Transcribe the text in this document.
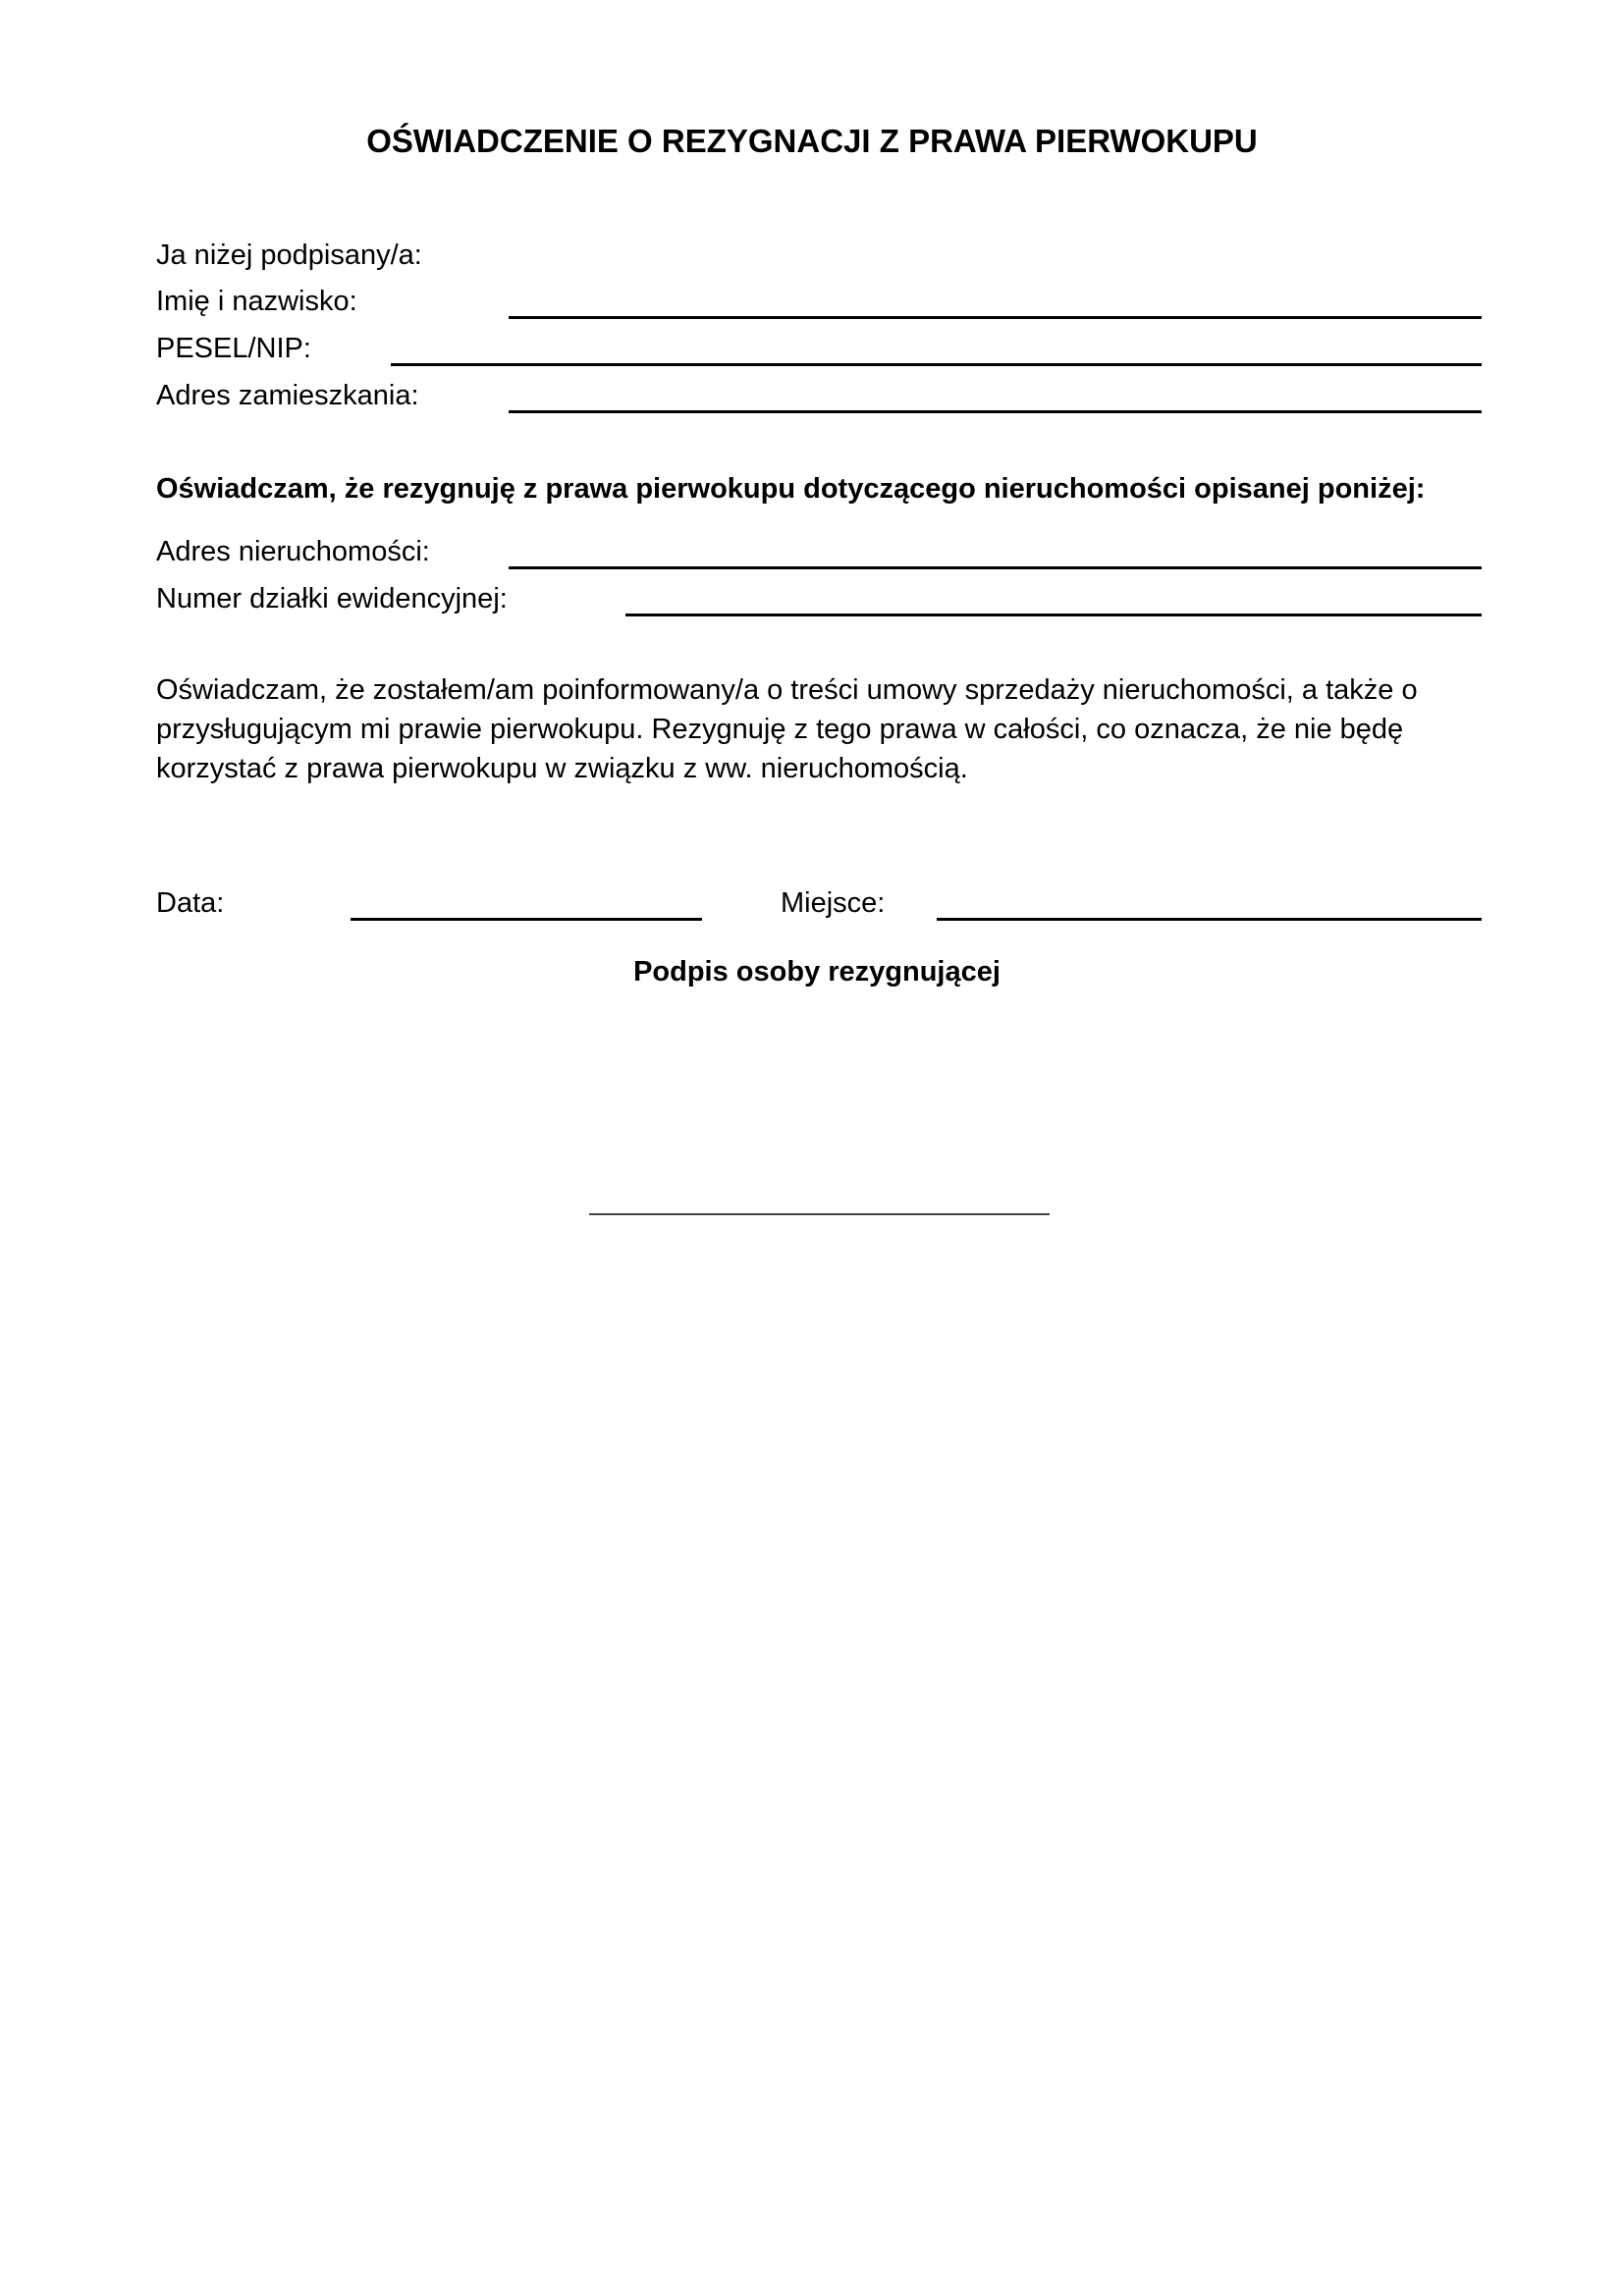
OŚWIADCZENIE O REZYGNACJI Z PRAWA PIERWOKUPU

Ja niżej podpisany/a:

Imię i nazwisko:

PESEL/NIP:

Adres zamieszkania:

Oświadczam, że rezygnuję z prawa pierwokupu dotyczącego nieruchomości opisanej poniżej:

Adres nieruchomości:

Numer działki ewidencyjnej:

Oświadczam, że zostałem/am poinformowany/a o treści umowy sprzedaży nieruchomości, a także o
przysługującym mi prawie pierwokupu. Rezygnuję z tego prawa w całości, co oznacza, że nie będę
korzystać z prawa pierwokupu w związku z ww. nieruchomością.

Data:	Miejsce:

Podpis osoby rezygnującej
